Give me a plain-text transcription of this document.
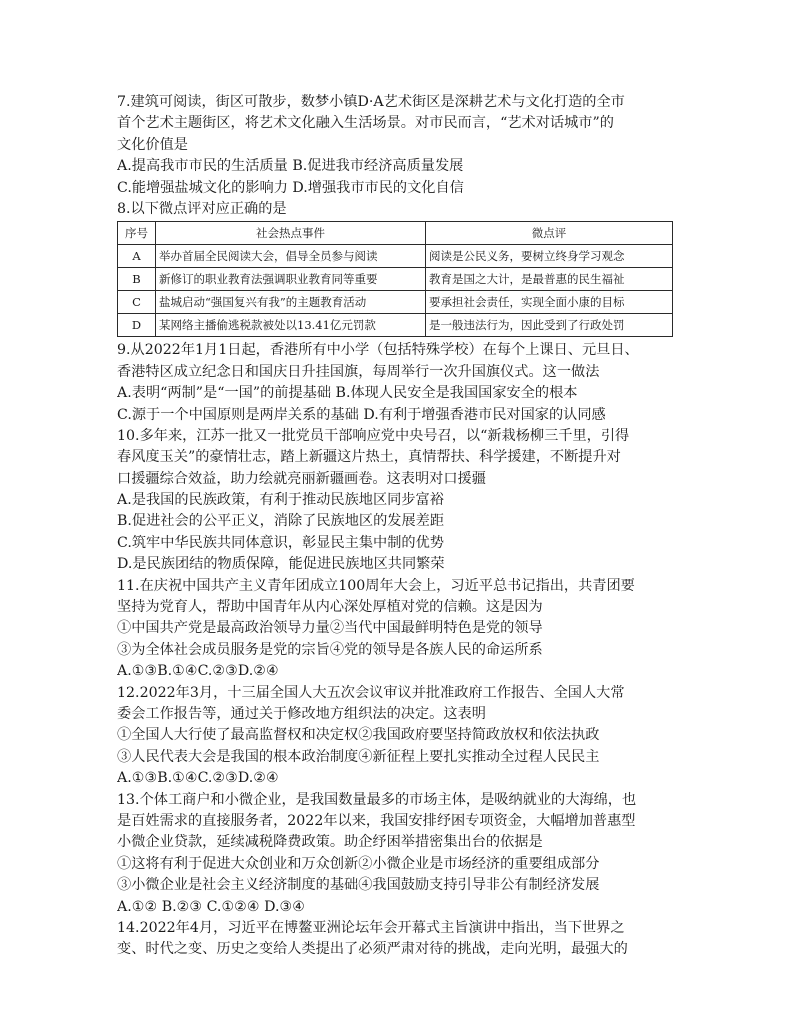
7.建筑可阅读，街区可散步，数梦小镇D·A艺术街区是深耕艺术与文化打造的全市
首个艺术主题街区，将艺术文化融入生活场景。对市民而言，“艺术对话城市”的
文化价值是
A.提高我市市民的生活质量 B.促进我市经济高质量发展
C.能增强盐城文化的影响力 D.增强我市市民的文化自信
8.以下微点评对应正确的是
序号	社会热点事件	微点评
A	举办首届全民阅读大会，倡导全员参与阅读	阅读是公民义务，要树立终身学习观念
B	新修订的职业教育法强调职业教育同等重要	教育是国之大计，是最普惠的民生福祉
C	盐城启动“强国复兴有我”的主题教育活动	要承担社会责任，实现全面小康的目标
D	某网络主播偷逃税款被处以13.41亿元罚款	是一般违法行为，因此受到了行政处罚
9.从2022年1月1日起，香港所有中小学（包括特殊学校）在每个上课日、元旦日、
香港特区成立纪念日和国庆日升挂国旗，每周举行一次升国旗仪式。这一做法
A.表明“两制”是“一国”的前提基础 B.体现人民安全是我国国家安全的根本
C.源于一个中国原则是两岸关系的基础 D.有利于增强香港市民对国家的认同感
10.多年来，江苏一批又一批党员干部响应党中央号召，以“新栽杨柳三千里，引得
春风度玉关”的豪情壮志，踏上新疆这片热土，真情帮扶、科学援建，不断提升对
口援疆综合效益，助力绘就亮丽新疆画卷。这表明对口援疆
A.是我国的民族政策，有利于推动民族地区同步富裕
B.促进社会的公平正义，消除了民族地区的发展差距
C.筑牢中华民族共同体意识，彰显民主集中制的优势
D.是民族团结的物质保障，能促进民族地区共同繁荣
11.在庆祝中国共产主义青年团成立100周年大会上，习近平总书记指出，共青团要
坚持为党育人，帮助中国青年从内心深处厚植对党的信赖。这是因为
①中国共产党是最高政治领导力量②当代中国最鲜明特色是党的领导
③为全体社会成员服务是党的宗旨④党的领导是各族人民的命运所系
A.①③B.①④C.②③D.②④
12.2022年3月，十三届全国人大五次会议审议并批准政府工作报告、全国人大常
委会工作报告等，通过关于修改地方组织法的决定。这表明
①全国人大行使了最高监督权和决定权②我国政府要坚持简政放权和依法执政
③人民代表大会是我国的根本政治制度④新征程上要扎实推动全过程人民民主
A.①③B.①④C.②③D.②④
13.个体工商户和小微企业，是我国数量最多的市场主体，是吸纳就业的大海绵，也
是百姓需求的直接服务者，2022年以来，我国安排纾困专项资金，大幅增加普惠型
小微企业贷款，延续减税降费政策。助企纾困举措密集出台的依据是
①这将有利于促进大众创业和万众创新②小微企业是市场经济的重要组成部分
③小微企业是社会主义经济制度的基础④我国鼓励支持引导非公有制经济发展
A.①② B.②③ C.①②④ D.③④
14.2022年4月，习近平在博鳌亚洲论坛年会开幕式主旨演讲中指出，当下世界之
变、时代之变、历史之变给人类提出了必须严肃对待的挑战，走向光明，最强大的
